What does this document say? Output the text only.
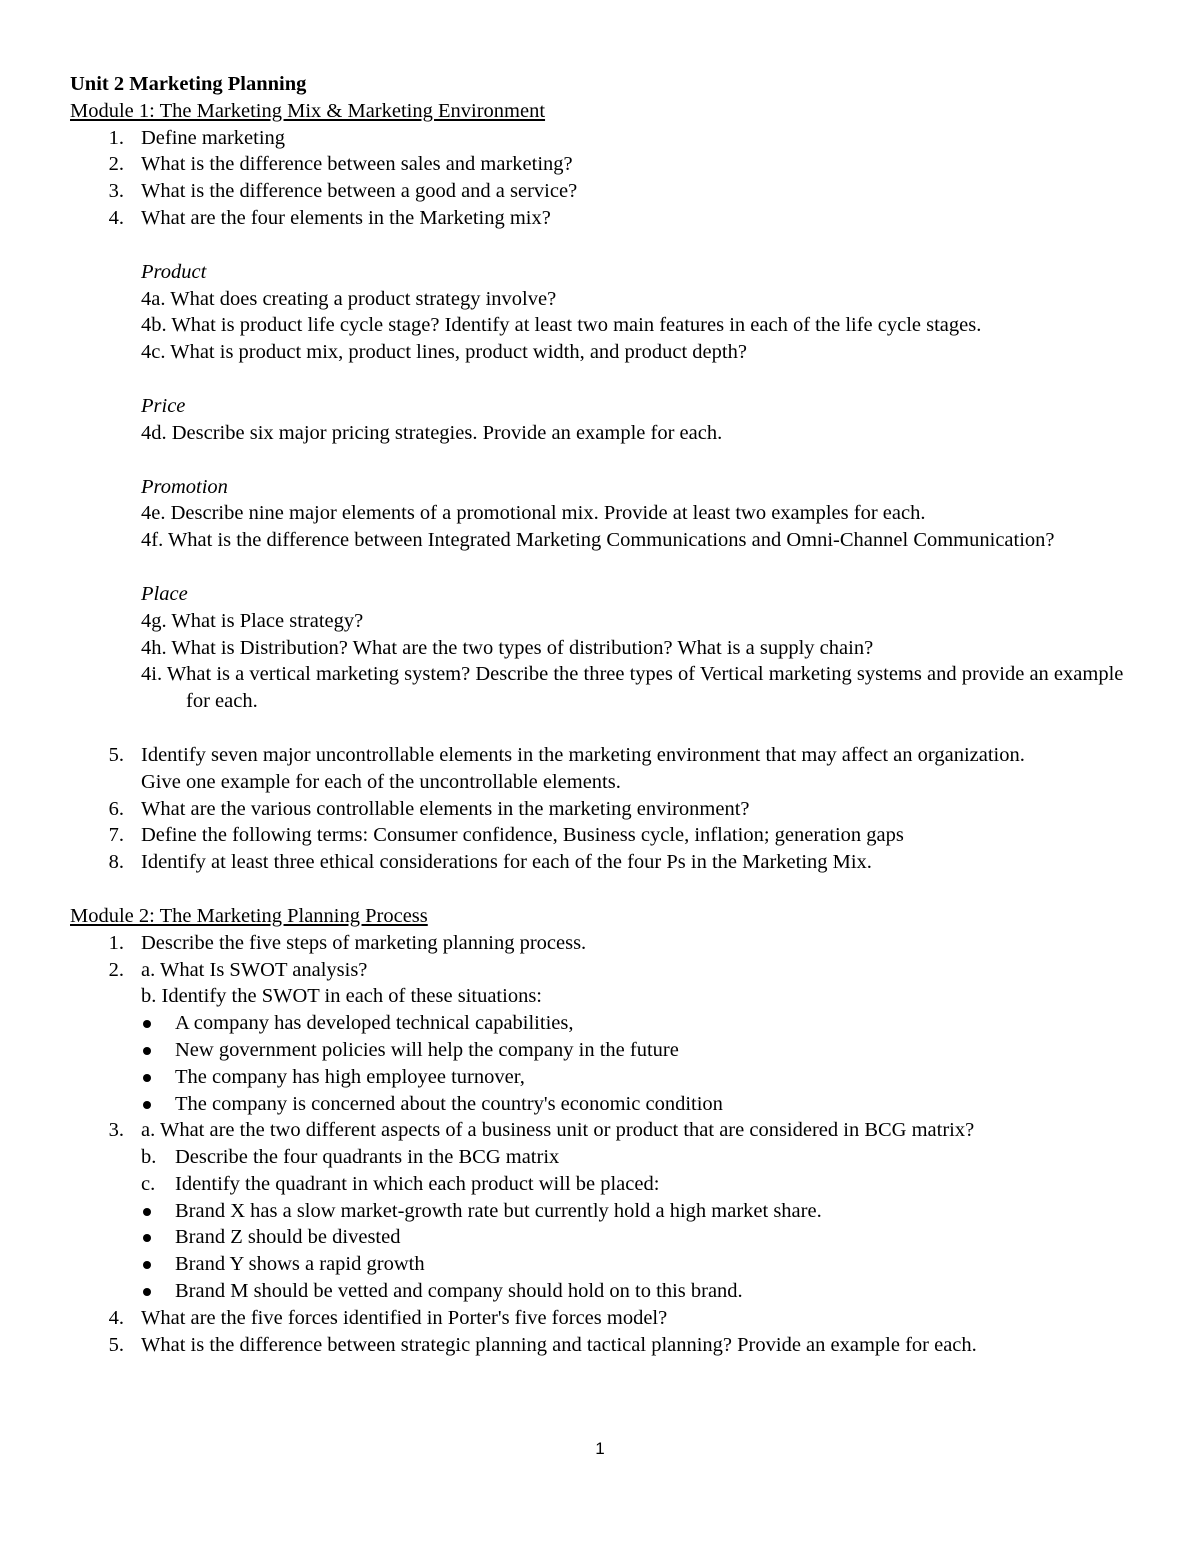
Unit 2 Marketing Planning
Module 1: The Marketing Mix & Marketing Environment
1. Define marketing
2. What is the difference between sales and marketing?
3. What is the difference between a good and a service?
4. What are the four elements in the Marketing mix?
Product
4a. What does creating a product strategy involve?
4b. What is product life cycle stage? Identify at least two main features in each of the life cycle stages.
4c. What is product mix, product lines, product width, and product depth?
Price
4d. Describe six major pricing strategies. Provide an example for each.
Promotion
4e. Describe nine major elements of a promotional mix. Provide at least two examples for each.
4f. What is the difference between Integrated Marketing Communications and Omni-Channel Communication?
Place
4g. What is Place strategy?
4h. What is Distribution? What are the two types of distribution? What is a supply chain?
4i. What is a vertical marketing system? Describe the three types of Vertical marketing systems and provide an example for each.
5. Identify seven major uncontrollable elements in the marketing environment that may affect an organization. Give one example for each of the uncontrollable elements.
6. What are the various controllable elements in the marketing environment?
7. Define the following terms: Consumer confidence, Business cycle, inflation; generation gaps
8. Identify at least three ethical considerations for each of the four Ps in the Marketing Mix.
Module 2: The Marketing Planning Process
1. Describe the five steps of marketing planning process.
2. a. What Is SWOT analysis?
b. Identify the SWOT in each of these situations:
A company has developed technical capabilities,
New government policies will help the company in the future
The company has high employee turnover,
The company is concerned about the country's economic condition
3. a. What are the two different aspects of a business unit or product that are considered in BCG matrix?
b. Describe the four quadrants in the BCG matrix
c. Identify the quadrant in which each product will be placed:
Brand X has a slow market-growth rate but currently hold a high market share.
Brand Z should be divested
Brand Y shows a rapid growth
Brand M should be vetted and company should hold on to this brand.
4. What are the five forces identified in Porter's five forces model?
5. What is the difference between strategic planning and tactical planning? Provide an example for each.
1
